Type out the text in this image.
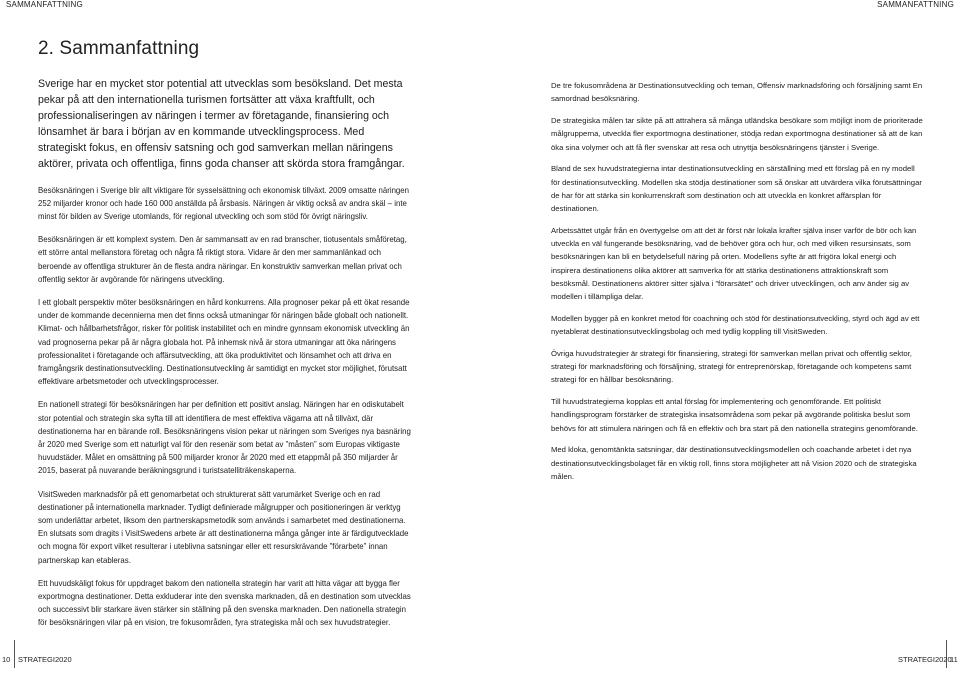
SAMMANFATTNING	SAMMANFATTNING
2. Sammanfattning

Sverige har en mycket stor potential att utvecklas som besöksland. Det mesta pekar på att den internationella turismen fortsätter att växa kraftfullt, och professionaliseringen av näringen i termer av företagande, finansiering och lönsamhet är bara i början av en kommande utvecklingsprocess. Med strategiskt fokus, en offensiv satsning och god samverkan mellan näringens aktörer, privata och offentliga, finns goda chanser att skörda stora framgångar.

Besöksnäringen i Sverige blir allt viktigare för sysselsättning och ekonomisk tillväxt. 2009 omsatte näringen 252 miljarder kronor och hade 160 000 anställda på årsbasis. Näringen är viktig också av andra skäl – inte minst för bilden av Sverige utomlands, för regional utveckling och som stöd för övrigt näringsliv.

Besöksnäringen är ett komplext system. Den är sammansatt av en rad branscher, tiotusentals småföretag, ett större antal mellanstora företag och några få riktigt stora. Vidare är den mer sammanlänkad och beroende av offentliga strukturer än de flesta andra näringar. En konstruktiv samverkan mellan privat och offentlig sektor är avgörande för näringens utveckling.

I ett globalt perspektiv möter besöksnäringen en hård konkurrens. Alla prognoser pekar på ett ökat resande under de kommande decennierna men det finns också utmaningar för näringen både globalt och nationellt. Klimat- och hållbarhetsfrågor, risker för politisk instabilitet och en mindre gynnsam ekonomisk utveckling än vad prognoserna pekar på är några globala hot. På inhemsk nivå är stora utmaningar att öka näringens professionalitet i företagande och affärsutveckling, att öka produktivitet och lönsamhet och att driva en framgångsrik destinationsutveckling. Destinationsutveckling är samtidigt en mycket stor möjlighet, förutsatt effektivare arbetsmetoder och utvecklingsprocesser.

En nationell strategi för besöksnäringen har per definition ett positivt anslag. Näringen har en odiskutabelt stor potential och strategin ska syfta till att identifiera de mest effektiva vägarna att nå tillväxt, där destinationerna har en bärande roll. Besöksnäringens vision pekar ut näringen som Sveriges nya basnäring år 2020 med Sverige som ett naturligt val för den resenär som betat av ”måsten” som Europas viktigaste huvudstäder. Målet en omsättning på 500 miljarder kronor år 2020 med ett etappmål på 350 miljarder år 2015, baserat på nuvarande beräkningsgrund i turistsatelliträkenskaperna.

VisitSweden marknadsför på ett genomarbetat och strukturerat sätt varumärket Sverige och en rad destinationer på internationella marknader. Tydligt definierade målgrupper och positioneringen är verktyg som underlättar arbetet, liksom den partnerskapsmetodik som används i samarbetet med destinationerna. En slutsats som dragits i VisitSwedens arbete är att destinationerna många gånger inte är färdigutvecklade och mogna för export vilket resulterar i uteblivna satsningar eller ett resurskrävande ”förarbete” innan partnerskap kan etableras.

Ett huvudskäligt fokus för uppdraget bakom den nationella strategin har varit att hitta vägar att bygga fler exportmogna destinationer. Detta exkluderar inte den svenska marknaden, då en destination som utvecklas och successivt blir starkare även stärker sin ställning på den svenska marknaden. Den nationella strategin för besöksnäringen vilar på en vision, tre fokusområden, fyra strategiska mål och sex huvudstrategier.

De tre fokusområdena är Destinationsutveckling och teman, Offensiv marknadsföring och försäljning samt En samordnad besöksnäring.

De strategiska målen tar sikte på att attrahera så många utländska besökare som möjligt inom de prioriterade målgrupperna, utveckla fler exportmogna destinationer, stödja redan exportmogna destinationer så att de kan öka sina volymer och att få fler svenskar att resa och utnyttja besöksnäringens tjänster i Sverige.

Bland de sex huvudstrategierna intar destinationsutveckling en särställning med ett förslag på en ny modell för destinationsutveckling. Modellen ska stödja destinationer som så önskar att utvärdera vilka förutsättningar de har för att stärka sin konkurrenskraft som destination och att utveckla en konkret affärsplan för destinationen.

Arbetssättet utgår från en övertygelse om att det är först när lokala krafter själva inser varför de bör och kan utveckla en väl fungerande besöksnäring, vad de behöver göra och hur, och med vilken resursinsats, som besöksnäringen kan bli en betydelsefull näring på orten. Modellens syfte är att frigöra lokal energi och inspirera destinationens olika aktörer att samverka för att stärka destinationens attraktionskraft som besöksmål. Destinationens aktörer sitter själva i ”förarsätet” och driver utvecklingen, och anv änder sig av modellen i tillämpliga delar.

Modellen bygger på en konkret metod för coachning och stöd för destinationsutveckling, styrd och ägd av ett nyetablerat destinationsutvecklingsbolag och med tydlig koppling till VisitSweden.

Övriga huvudstrategier är strategi för finansiering, strategi för samverkan mellan privat och offentlig sektor, strategi för marknadsföring och försäljning, strategi för entreprenörskap, företagande och kompetens samt strategi för en hållbar besöksnäring.

Till huvudstrategierna kopplas ett antal förslag för implementering och genomförande. Ett politiskt handlingsprogram förstärker de strategiska insatsområdena som pekar på avgörande politiska beslut som behövs för att stimulera näringen och få en effektiv och bra start på den nationella strategins genomförande.

Med kloka, genomtänkta satsningar, där destinationsutvecklingsmodellen och coachande arbetet i det nya destinationsutvecklingsbolaget får en viktig roll, finns stora möjligheter att nå Vision 2020 och de strategiska målen.

10 STRATEGI2020	STRATEGI2020
11
